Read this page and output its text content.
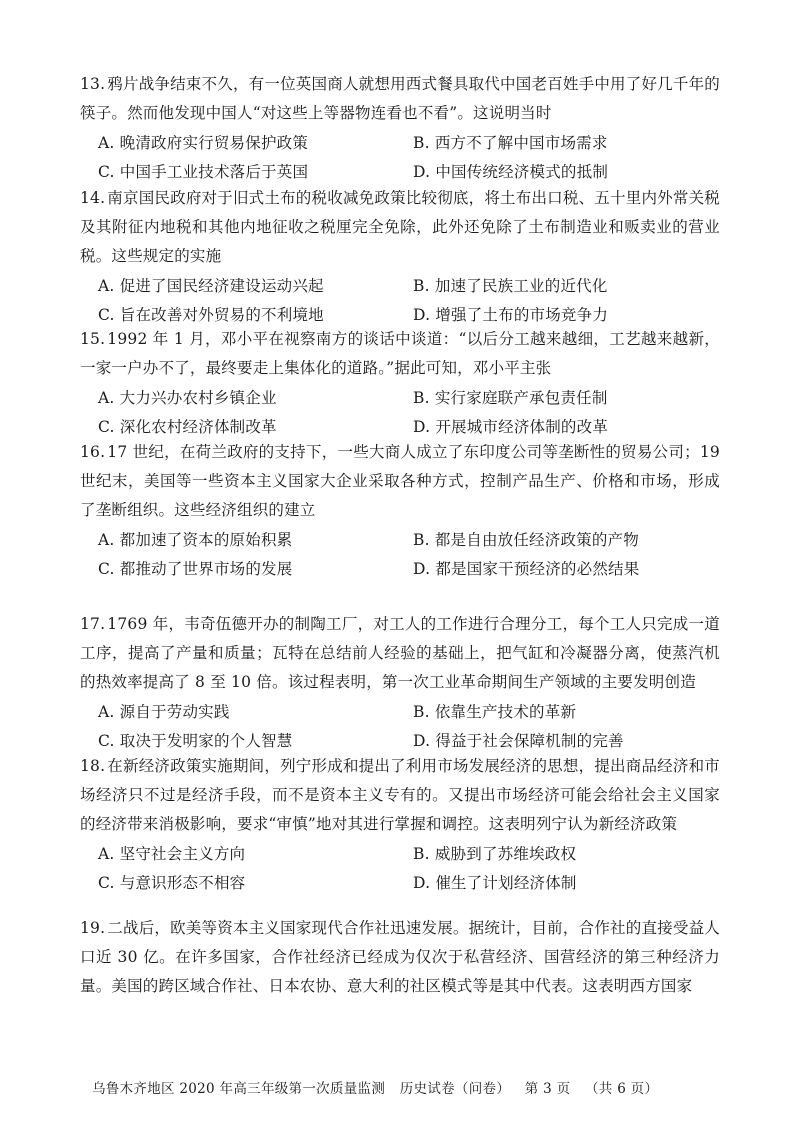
13. 鸦片战争结束不久，有一位英国商人就想用西式餐具取代中国老百姓手中用了好几千年的筷子。然而他发现中国人“对这些上等器物连看也不看”。这说明当时

A. 晚清政府实行贸易保护政策	B. 西方不了解中国市场需求
C. 中国手工业技术落后于英国	D. 中国传统经济模式的抵制

14. 南京国民政府对于旧式土布的税收减免政策比较彻底，将土布出口税、五十里内外常关税及其附征内地税和其他内地征收之税厘完全免除，此外还免除了土布制造业和贩卖业的营业税。这些规定的实施

A. 促进了国民经济建设运动兴起	B. 加速了民族工业的近代化
C. 旨在改善对外贸易的不利境地	D. 增强了土布的市场竞争力

15. 1992 年 1 月，邓小平在视察南方的谈话中谈道：“以后分工越来越细，工艺越来越新，一家一户办不了，最终要走上集体化的道路。”据此可知，邓小平主张

A. 大力兴办农村乡镇企业	B. 实行家庭联产承包责任制
C. 深化农村经济体制改革	D. 开展城市经济体制的改革

16. 17 世纪，在荷兰政府的支持下，一些大商人成立了东印度公司等垄断性的贸易公司；19 世纪末，美国等一些资本主义国家大企业采取各种方式，控制产品生产、价格和市场，形成了垄断组织。这些经济组织的建立

A. 都加速了资本的原始积累	B. 都是自由放任经济政策的产物
C. 都推动了世界市场的发展	D. 都是国家干预经济的必然结果

17. 1769 年，韦奇伍德开办的制陶工厂，对工人的工作进行合理分工，每个工人只完成一道工序，提高了产量和质量；瓦特在总结前人经验的基础上，把气缸和冷凝器分离，使蒸汽机的热效率提高了 8 至 10 倍。该过程表明，第一次工业革命期间生产领域的主要发明创造

A. 源自于劳动实践	B. 依靠生产技术的革新
C. 取决于发明家的个人智慧	D. 得益于社会保障机制的完善

18. 在新经济政策实施期间，列宁形成和提出了利用市场发展经济的思想，提出商品经济和市场经济只不过是经济手段，而不是资本主义专有的。又提出市场经济可能会给社会主义国家的经济带来消极影响，要求“审慎”地对其进行掌握和调控。这表明列宁认为新经济政策

A. 坚守社会主义方向	B. 威胁到了苏维埃政权
C. 与意识形态不相容	D. 催生了计划经济体制

19. 二战后，欧美等资本主义国家现代合作社迅速发展。据统计，目前，合作社的直接受益人口近 30 亿。在许多国家，合作社经济已经成为仅次于私营经济、国营经济的第三种经济力量。美国的跨区域合作社、日本农协、意大利的社区模式等是其中代表。这表明西方国家

乌鲁木齐地区 2020 年高三年级第一次质量监测 历史试卷（问卷） 第 3 页 （共 6 页）
